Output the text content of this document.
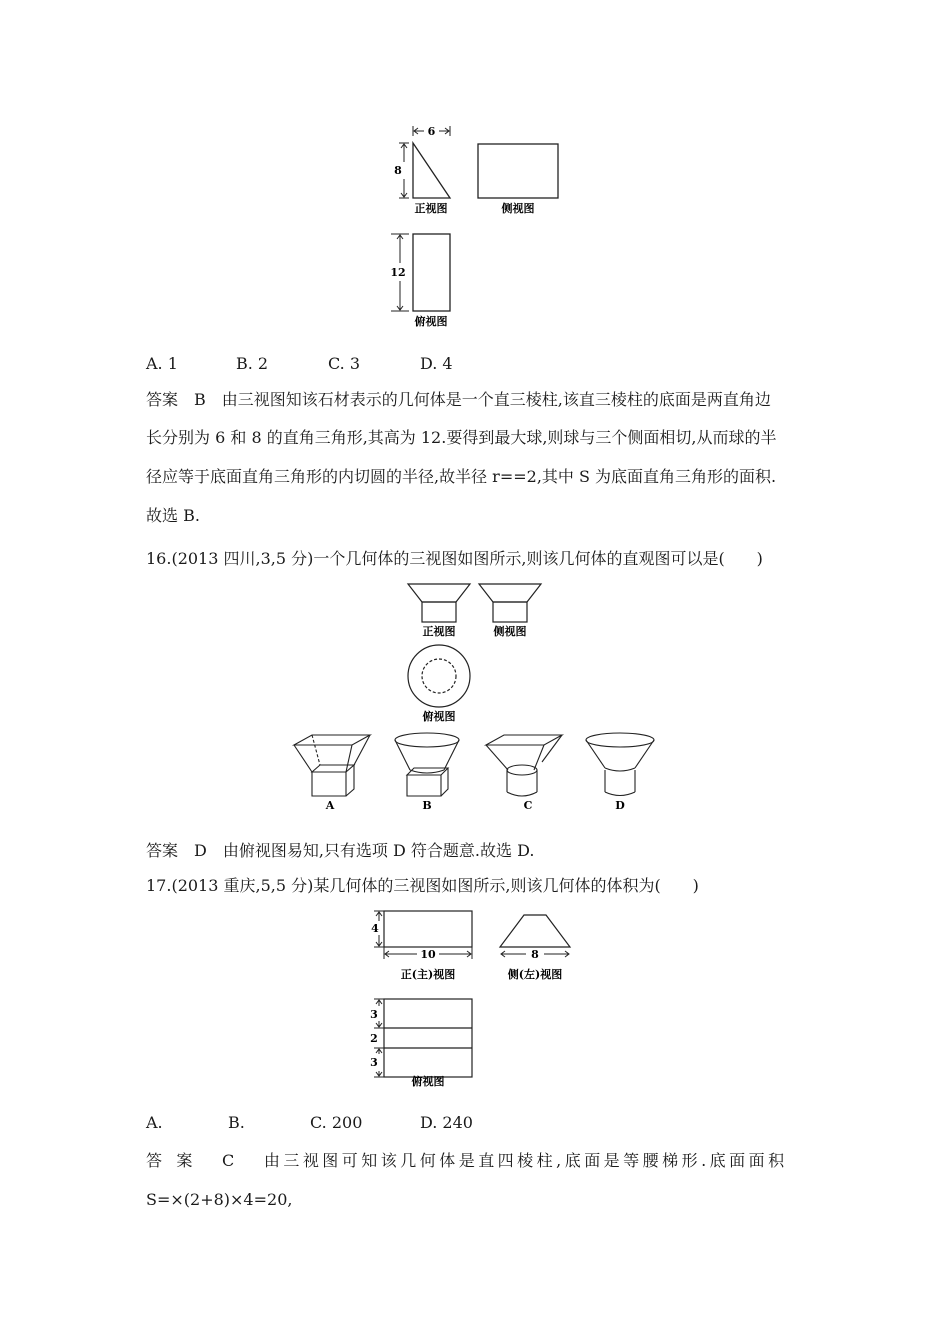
6
8
正视图	侧视图
12
俯视图
A. 1	B. 2	C. 3	D. 4
答案　B　由三视图知该石材表示的几何体是一个直三棱柱,该直三棱柱的底面是两直角边
长分别为 6 和 8 的直角三角形,其高为 12.要得到最大球,则球与三个侧面相切,从而球的半
径应等于底面直角三角形的内切圆的半径,故半径 r==2,其中 S 为底面直角三角形的面积.
故选 B.
16.(2013 四川,3,5 分)一个几何体的三视图如图所示,则该几何体的直观图可以是(　　)
正视图	侧视图
俯视图
A	B	C	D
答案　D　由俯视图易知,只有选项 D 符合题意.故选 D.
17.(2013 重庆,5,5 分)某几何体的三视图如图所示,则该几何体的体积为(　　)
4
10
正(主)视图
8
侧(左)视图
3
2
3
俯视图
A.	B.	C. 200	D. 240
答　案　　C　　由 三 视 图 可 知 该 几 何 体 是 直 四 棱 柱 , 底 面 是 等 腰 梯 形 . 底 面 面 积
S=×(2+8)×4=20,
